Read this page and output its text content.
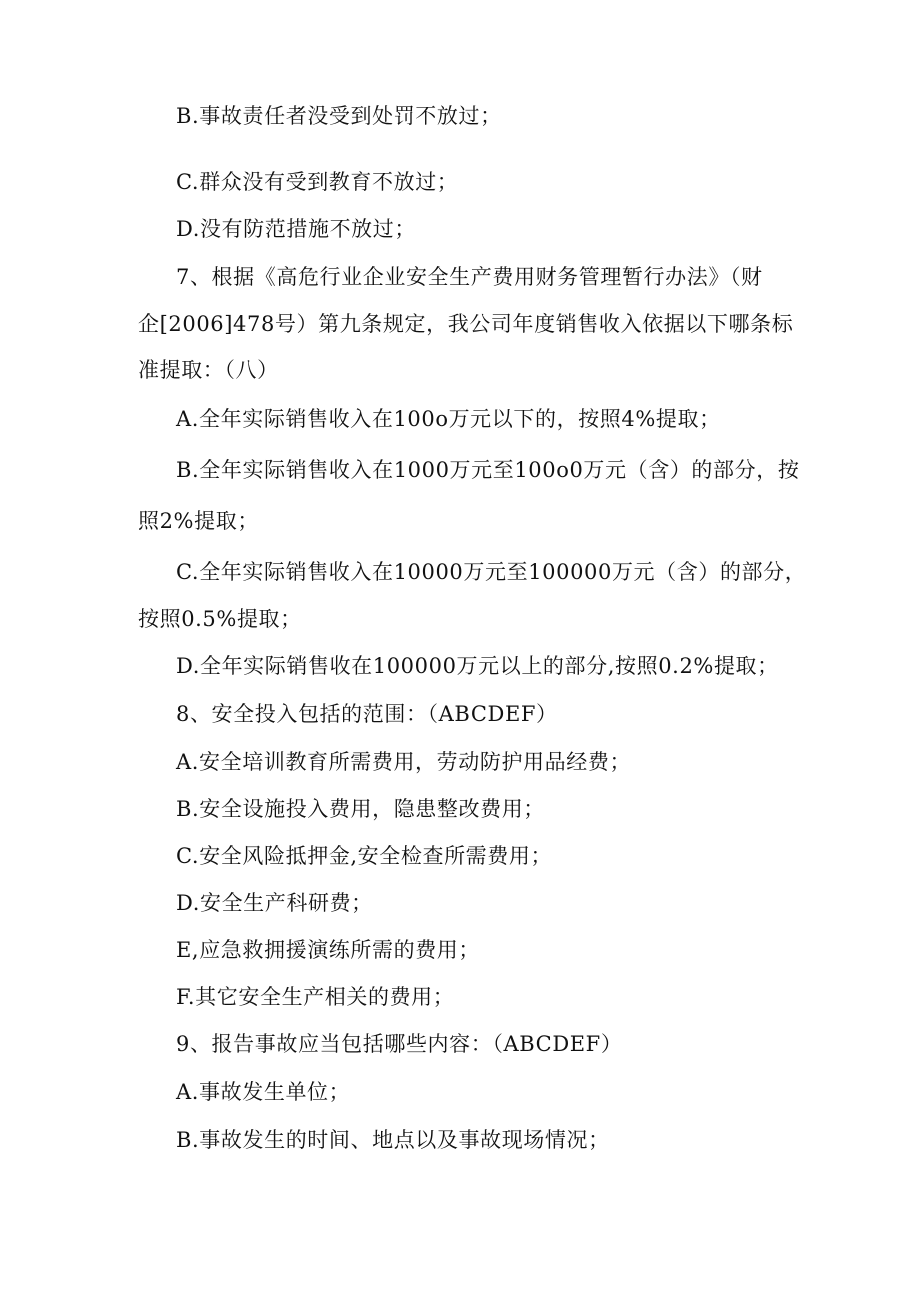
B.事故责任者没受到处罚不放过；
C.群众没有受到教育不放过；
D.没有防范措施不放过；
7、根据《高危行业企业安全生产费用财务管理暂行办法》（财
企[2006]478号）第九条规定，我公司年度销售收入依据以下哪条标
准提取：（八）
A.全年实际销售收入在100o万元以下的，按照4%提取；
B.全年实际销售收入在1000万元至100o0万元（含）的部分，按
照2%提取；
C.全年实际销售收入在10000万元至100000万元（含）的部分，
按照0.5%提取；
D.全年实际销售收在100000万元以上的部分,按照0.2%提取；
8、安全投入包括的范围：（ABCDEF）
A.安全培训教育所需费用，劳动防护用品经费；
B.安全设施投入费用，隐患整改费用；
C.安全风险抵押金,安全检查所需费用；
D.安全生产科研费；
E,应急救拥援演练所需的费用；
F.其它安全生产相关的费用；
9、报告事故应当包括哪些内容：（ABCDEF）
A.事故发生单位；
B.事故发生的时间、地点以及事故现场情况；
